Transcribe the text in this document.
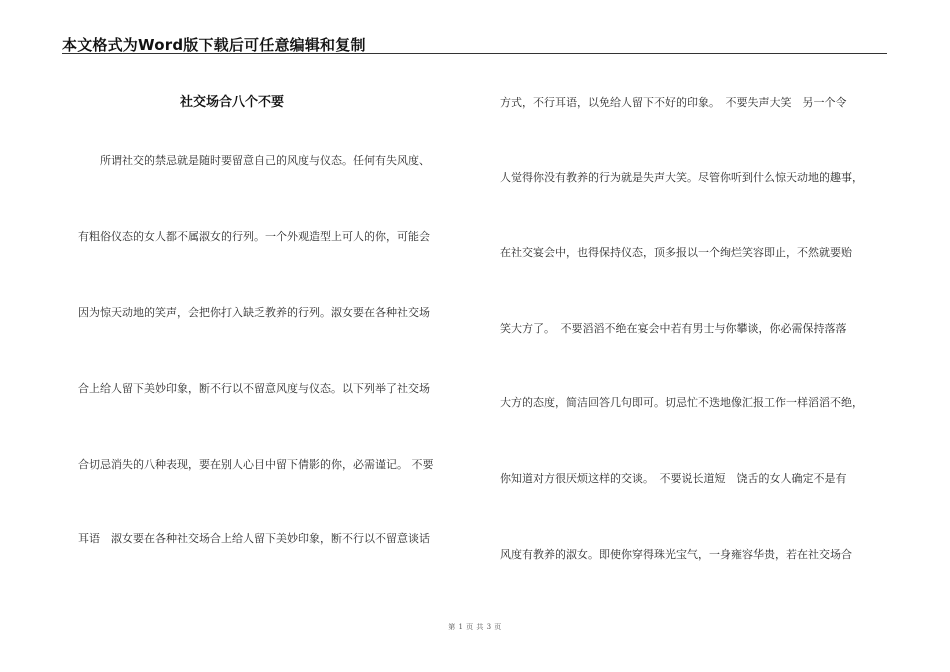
本文格式为Word版下载后可任意编辑和复制
社交场合八个不要
　　所谓社交的禁忌就是随时要留意自己的风度与仪态。任何有失风度、
有粗俗仪态的女人都不属淑女的行列。一个外观造型上可人的你，可能会
因为惊天动地的笑声，会把你打入缺乏教养的行列。淑女要在各种社交场
合上给人留下美妙印象，断不行以不留意风度与仪态。以下列举了社交场
合切忌消失的八种表现，要在别人心目中留下倩影的你，必需谨记。 不要
耳语　淑女要在各种社交场合上给人留下美妙印象，断不行以不留意谈话
方式，不行耳语，以免给人留下不好的印象。　不要失声大笑　另一个令
人觉得你没有教养的行为就是失声大笑。尽管你听到什么惊天动地的趣事，
在社交宴会中，也得保持仪态，顶多报以一个绚烂笑容即止，不然就要贻
笑大方了。　不要滔滔不绝在宴会中若有男士与你攀谈，你必需保持落落
大方的态度，简洁回答几句即可。切忌忙不迭地像汇报工作一样滔滔不绝，
你知道对方很厌烦这样的交谈。　不要说长道短　饶舌的女人确定不是有
风度有教养的淑女。即使你穿得珠光宝气，一身雍容华贵，若在社交场合
第 1 页 共 3 页
